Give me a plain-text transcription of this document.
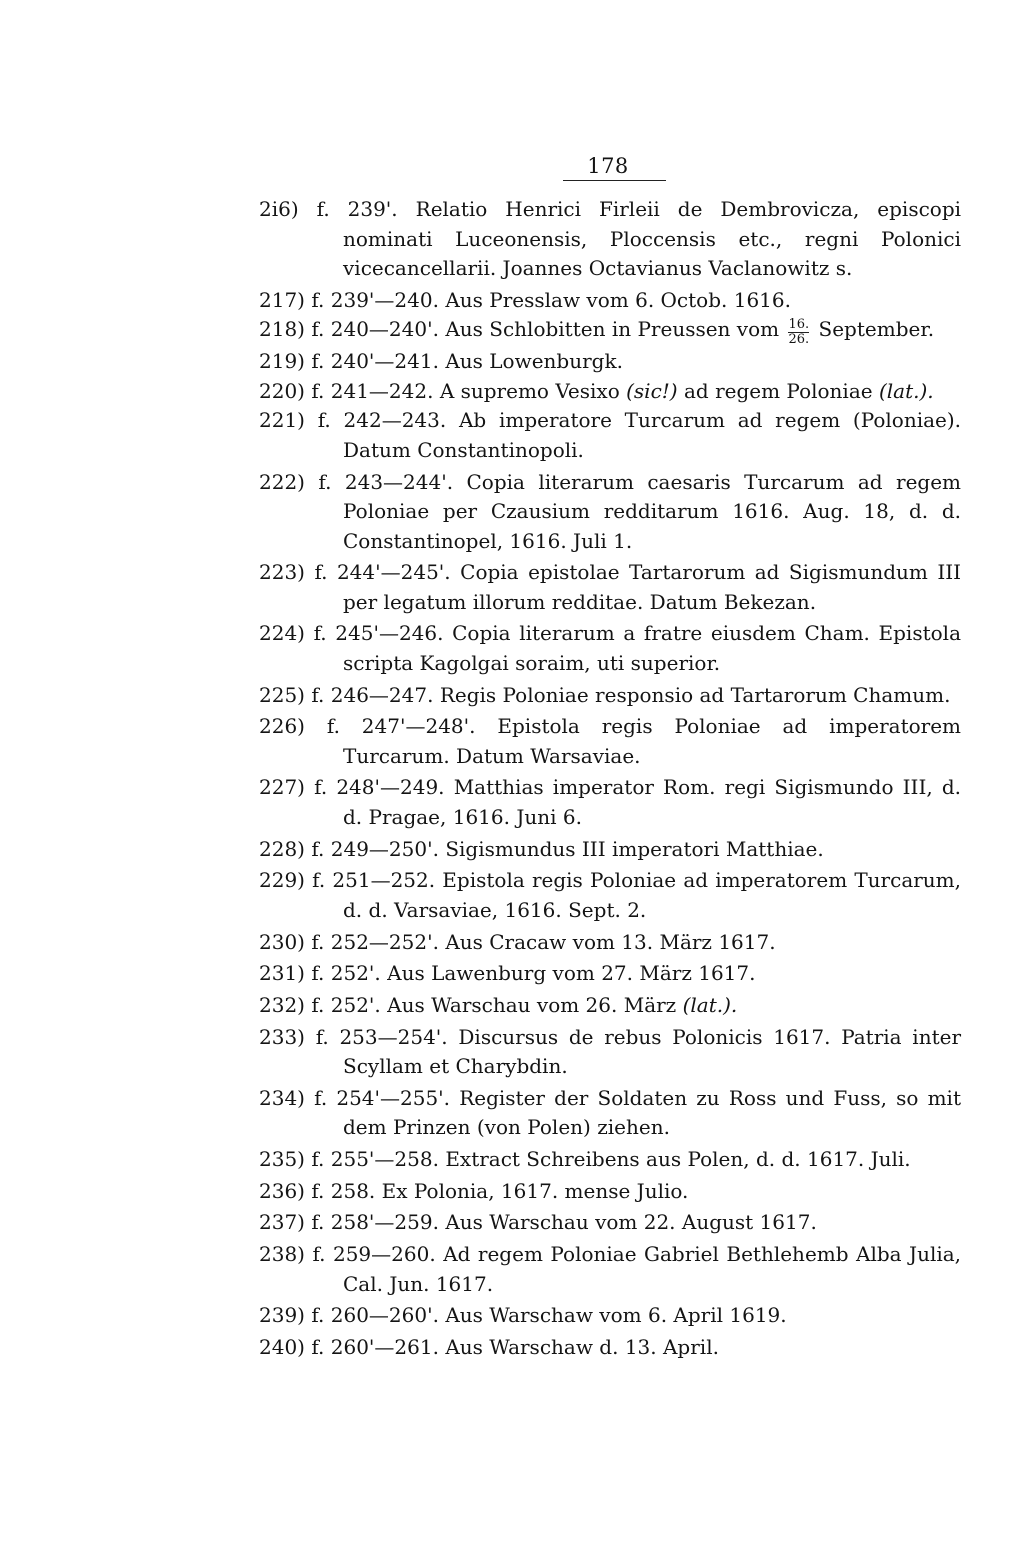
178
2i6) f. 239'. Relatio Henrici Firleii de Dembrovicza, episcopi nominati Luceonensis, Ploccensis etc., regni Polonici vicecancellarii. Joannes Octavianus Vaclanowitz s.
217) f. 239'—240. Aus Presslaw vom 6. Octob. 1616.
218) f. 240—240'. Aus Schlobitten in Preussen vom $\frac{16.}{26.}$ September.
219) f. 240'—241. Aus Lowenburgk.
220) f. 241—242. A supremo Vesixo (sic!) ad regem Poloniae (lat.).
221) f. 242—243. Ab imperatore Turcarum ad regem (Poloniae). Datum Constantinopoli.
222) f. 243—244'. Copia literarum caesaris Turcarum ad regem Poloniae per Czausium redditarum 1616. Aug. 18, d. d. Constantinopel, 1616. Juli 1.
223) f. 244'—245'. Copia epistolae Tartarorum ad Sigismundum III per legatum illorum redditae. Datum Bekezan.
224) f. 245'—246. Copia literarum a fratre eiusdem Cham. Epistola scripta Kagolgai soraim, uti superior.
225) f. 246—247. Regis Poloniae responsio ad Tartarorum Chamum.
226) f. 247'—248'. Epistola regis Poloniae ad imperatorem Turcarum. Datum Warsaviae.
227) f. 248'—249. Matthias imperator Rom. regi Sigismundo III, d. d. Pragae, 1616. Juni 6.
228) f. 249—250'. Sigismundus III imperatori Matthiae.
229) f. 251—252. Epistola regis Poloniae ad imperatorem Turcarum, d. d. Varsaviae, 1616. Sept. 2.
230) f. 252—252'. Aus Cracaw vom 13. März 1617.
231) f. 252'. Aus Lawenburg vom 27. März 1617.
232) f. 252'. Aus Warschau vom 26. März (lat.).
233) f. 253—254'. Discursus de rebus Polonicis 1617. Patria inter Scyllam et Charybdin.
234) f. 254'—255'. Register der Soldaten zu Ross und Fuss, so mit dem Prinzen (von Polen) ziehen.
235) f. 255'—258. Extract Schreibens aus Polen, d. d. 1617. Juli.
236) f. 258. Ex Polonia, 1617. mense Julio.
237) f. 258'—259. Aus Warschau vom 22. August 1617.
238) f. 259—260. Ad regem Poloniae Gabriel Bethlehemb Alba Julia, Cal. Jun. 1617.
239) f. 260—260'. Aus Warschaw vom 6. April 1619.
240) f. 260'—261. Aus Warschaw d. 13. April.
